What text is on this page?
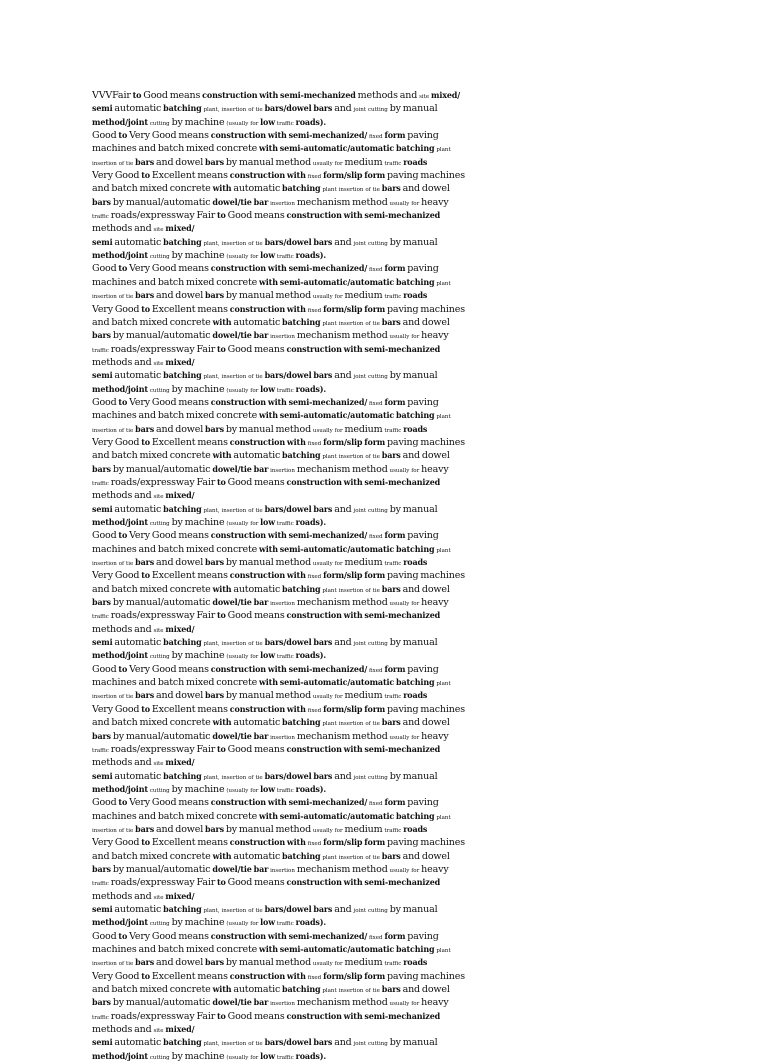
VVVFair to Good means construction with semi-mechanized methods and site mixed/
semi automatic batching plant, insertion of tie bars/dowel bars and joint cutting by manual
method/joint cutting by machine (usually for low traffic roads).

Good to Very Good means construction with semi-mechanized/ fixed form paving
machines and batch mixed concrete with semi-automatic/automatic batching plant
insertion of tie bars and dowel bars by manual method usually for medium traffic roads

Very Good to Excellent means construction with fixed form/slip form paving machines
and batch mixed concrete with automatic batching plant insertion of tie bars and dowel
bars by manual/automatic dowel/tie bar insertion mechanism method usually for heavy
traffic roads/expressway Fair to Good means construction with semi-mechanized methods and site mixed/
semi automatic batching plant, insertion of tie bars/dowel bars and joint cutting by manual
method/joint cutting by machine (usually for low traffic roads).

Good to Very Good means construction with semi-mechanized/ fixed form paving
machines and batch mixed concrete with semi-automatic/automatic batching plant
insertion of tie bars and dowel bars by manual method usually for medium traffic roads

Very Good to Excellent means construction with fixed form/slip form paving machines
and batch mixed concrete with automatic batching plant insertion of tie bars and dowel
bars by manual/automatic dowel/tie bar insertion mechanism method usually for heavy
traffic roads/expressway Fair to Good means construction with semi-mechanized methods and site mixed/
semi automatic batching plant, insertion of tie bars/dowel bars and joint cutting by manual
method/joint cutting by machine (usually for low traffic roads).

Good to Very Good means construction with semi-mechanized/ fixed form paving
machines and batch mixed concrete with semi-automatic/automatic batching plant
insertion of tie bars and dowel bars by manual method usually for medium traffic roads

Very Good to Excellent means construction with fixed form/slip form paving machines
and batch mixed concrete with automatic batching plant insertion of tie bars and dowel
bars by manual/automatic dowel/tie bar insertion mechanism method usually for heavy
traffic roads/expressway Fair to Good means construction with semi-mechanized methods and site mixed/
semi automatic batching plant, insertion of tie bars/dowel bars and joint cutting by manual
method/joint cutting by machine (usually for low traffic roads).

Good to Very Good means construction with semi-mechanized/ fixed form paving
machines and batch mixed concrete with semi-automatic/automatic batching plant
insertion of tie bars and dowel bars by manual method usually for medium traffic roads

Very Good to Excellent means construction with fixed form/slip form paving machines
and batch mixed concrete with automatic batching plant insertion of tie bars and dowel
bars by manual/automatic dowel/tie bar insertion mechanism method usually for heavy
traffic roads/expressway Fair to Good means construction with semi-mechanized methods and site mixed/
semi automatic batching plant, insertion of tie bars/dowel bars and joint cutting by manual
method/joint cutting by machine (usually for low traffic roads).

Good to Very Good means construction with semi-mechanized/ fixed form paving
machines and batch mixed concrete with semi-automatic/automatic batching plant
insertion of tie bars and dowel bars by manual method usually for medium traffic roads

Very Good to Excellent means construction with fixed form/slip form paving machines
and batch mixed concrete with automatic batching plant insertion of tie bars and dowel
bars by manual/automatic dowel/tie bar insertion mechanism method usually for heavy
traffic roads/expressway Fair to Good means construction with semi-mechanized methods and site mixed/
semi automatic batching plant, insertion of tie bars/dowel bars and joint cutting by manual
method/joint cutting by machine (usually for low traffic roads).

Good to Very Good means construction with semi-mechanized/ fixed form paving
machines and batch mixed concrete with semi-automatic/automatic batching plant
insertion of tie bars and dowel bars by manual method usually for medium traffic roads

Very Good to Excellent means construction with fixed form/slip form paving machines
and batch mixed concrete with automatic batching plant insertion of tie bars and dowel
bars by manual/automatic dowel/tie bar insertion mechanism method usually for heavy
traffic roads/expressway Fair to Good means construction with semi-mechanized methods and site mixed/
semi automatic batching plant, insertion of tie bars/dowel bars and joint cutting by manual
method/joint cutting by machine (usually for low traffic roads).

Good to Very Good means construction with semi-mechanized/ fixed form paving
machines and batch mixed concrete with semi-automatic/automatic batching plant
insertion of tie bars and dowel bars by manual method usually for medium traffic roads

Very Good to Excellent means construction with fixed form/slip form paving machines
and batch mixed concrete with automatic batching plant insertion of tie bars and dowel
bars by manual/automatic dowel/tie bar insertion mechanism method usually for heavy
traffic roads/expressway Fair to Good means construction with semi-mechanized methods and site mixed/
semi automatic batching plant, insertion of tie bars/dowel bars and joint cutting by manual
method/joint cutting by machine (usually for low traffic roads).
